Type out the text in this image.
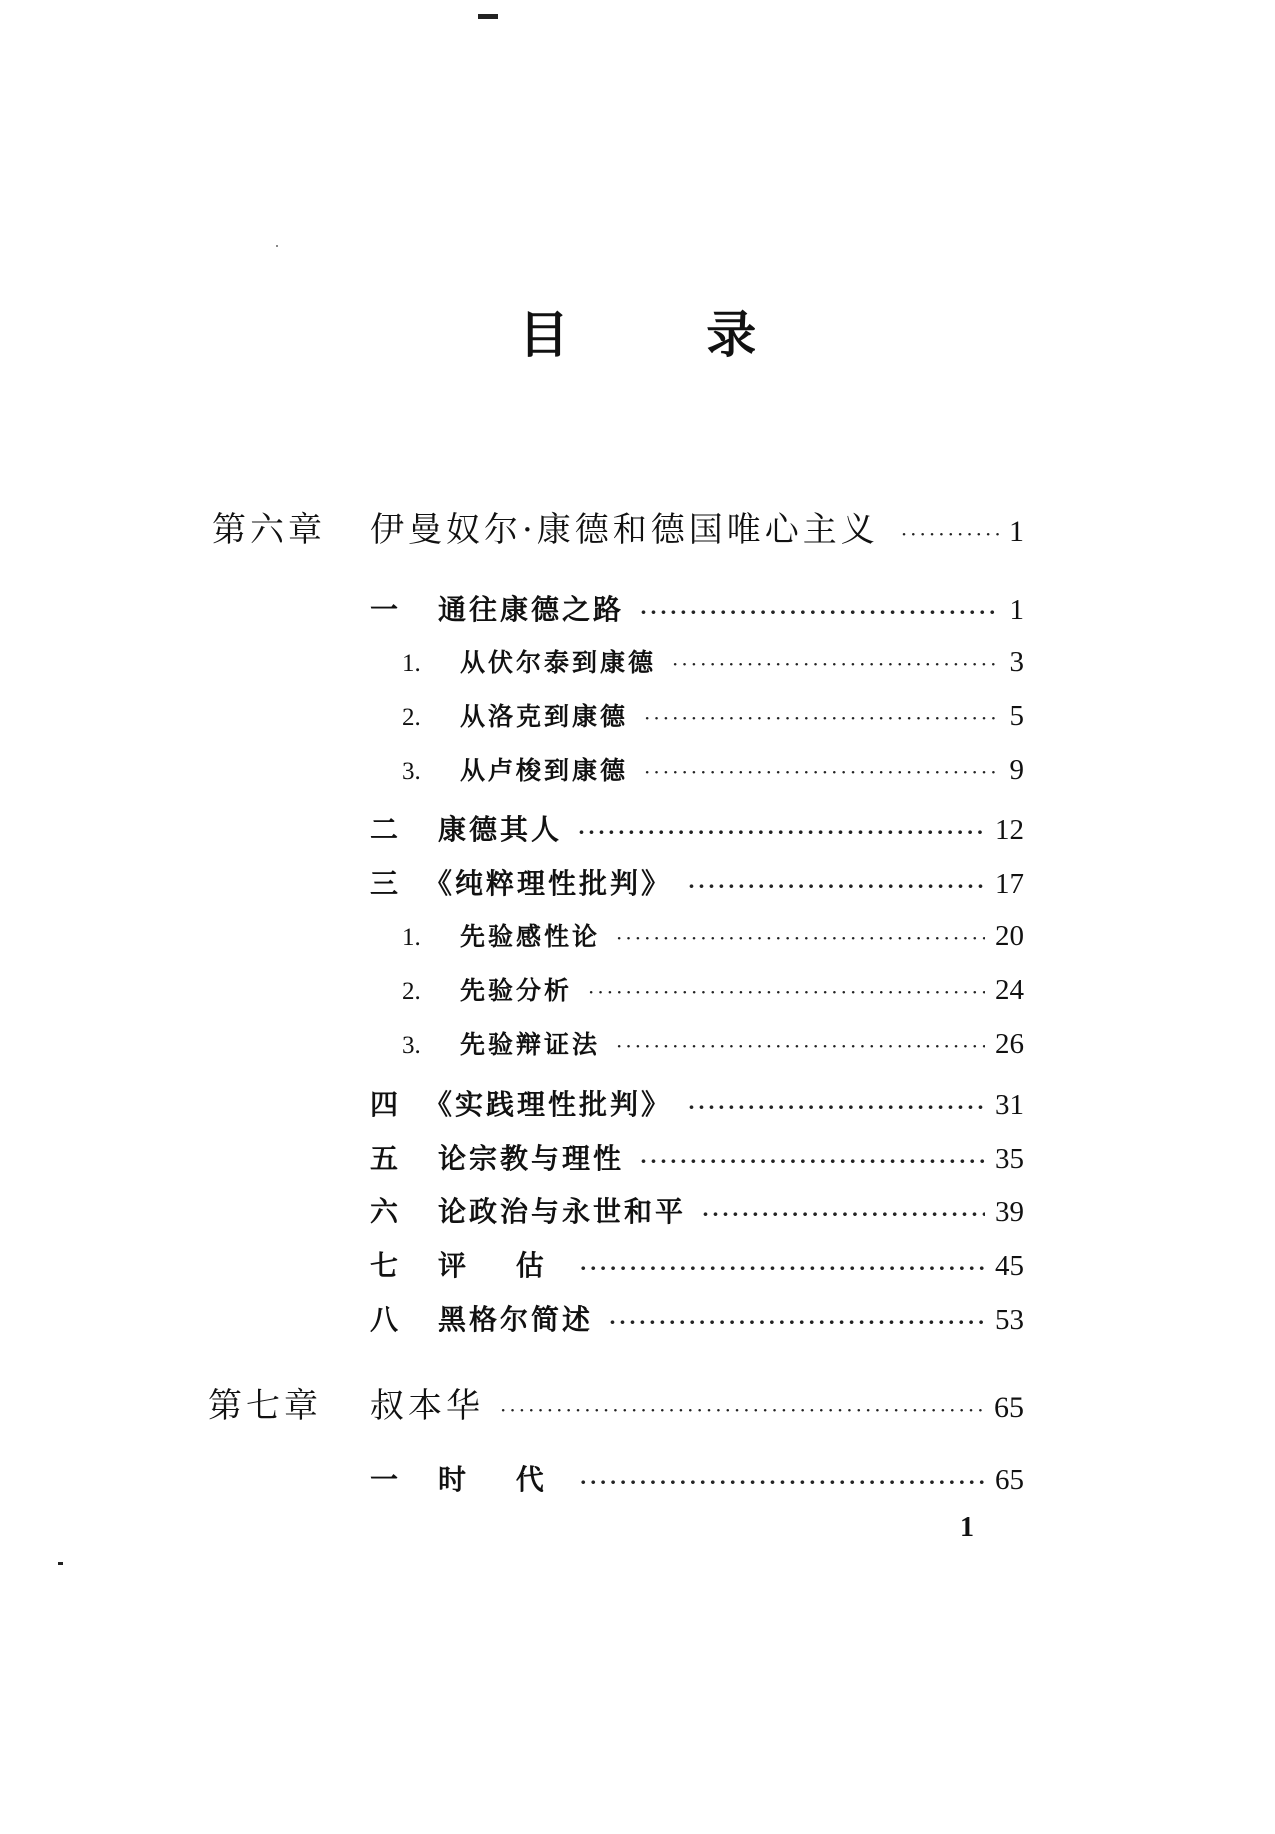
目 录
第六章 伊曼奴尔·康德和德国唯心主义 ·····	1
一 通往康德之路 ·····	1
1. 从伏尔泰到康德 ·····	3
2. 从洛克到康德 ·····	5
3. 从卢梭到康德 ·····	9
二 康德其人 ·····	12
三 《纯粹理性批判》 ·····	17
1. 先验感性论 ·····	20
2. 先验分析 ·····	24
3. 先验辩证法 ·····	26
四 《实践理性批判》 ·····	31
五 论宗教与理性 ·····	35
六 论政治与永世和平 ·····	39
七 评 估 ·····	45
八 黑格尔简述 ·····	53
第七章 叔本华 ·····	65
一 时 代 ·····	65
1
